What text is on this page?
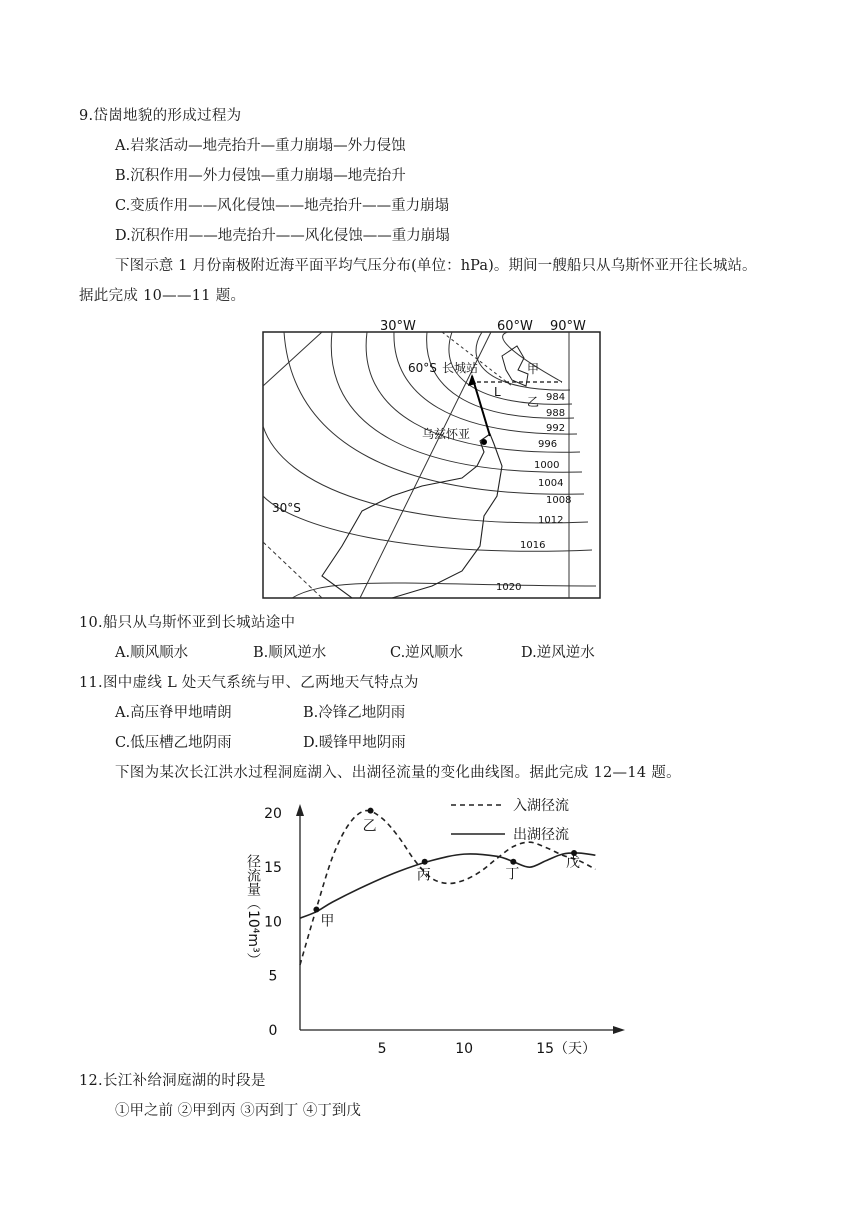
9.岱崮地貌的形成过程为
A.岩浆活动—地壳抬升—重力崩塌—外力侵蚀
B.沉积作用—外力侵蚀—重力崩塌—地壳抬升
C.变质作用——风化侵蚀——地壳抬升——重力崩塌
D.沉积作用——地壳抬升——风化侵蚀——重力崩塌
下图示意 1 月份南极附近海平面平均气压分布(单位：hPa)。期间一艘船只从乌斯怀亚开往长城站。
据此完成 10——11 题。
30°W	60°W 90°W
60°S
30°S
长城站
乌兹怀亚
甲
乙
L	984
988
992
996
1000
1004
1008
1012
1016
1020
10.船只从乌斯怀亚到长城站途中
A.顺风顺水	B.顺风逆水	C.逆风顺水	D.逆风逆水
11.图中虚线 L 处天气系统与甲、乙两地天气特点为
A.高压脊甲地晴朗	B.冷锋乙地阴雨
C.低压槽乙地阴雨	D.暖锋甲地阴雨
下图为某次长江洪水过程洞庭湖入、出湖径流量的变化曲线图。据此完成 12—14 题。
入湖径流
出湖径流
径流量（10⁴m³）
0
5
10
15
20
5	10	15（天）
甲
乙
丙	丁
戊
12.长江补给洞庭湖的时段是
①甲之前 ②甲到丙 ③丙到丁 ④丁到戊
